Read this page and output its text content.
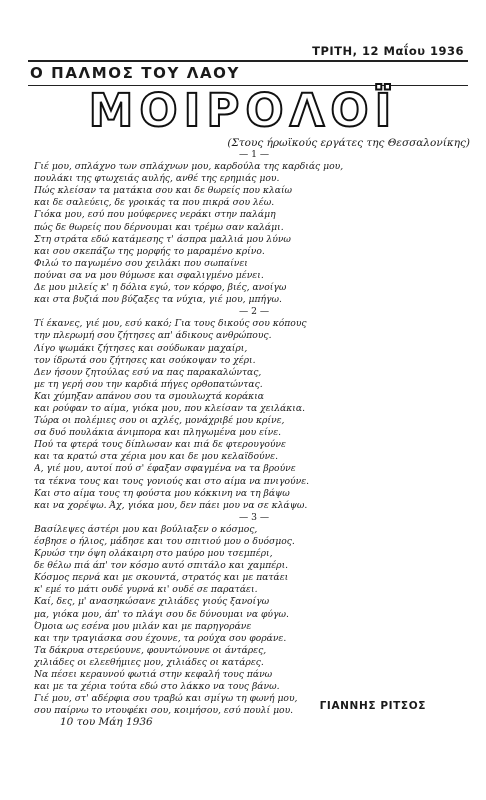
ΤΡΙΤΗ, 12 Μαΐου 1936
Ο ΠΑΛΜΟΣ ΤΟΥ ΛΑΟΥ
ΜΟΙΡΟΛΟΪ
(Στους ήρωϊκούς εργάτες της Θεσσαλονίκης)
— 1 —
Γιέ μου, σπλάχνο των σπλάχνων μου, καρδούλα της καρδιάς μου,
πουλάκι της φτωχειάς αυλής, ανθέ της ερημιάς μου.
Πώς κλείσαν τα ματάκια σου και δε θωρείς που κλαίω
και δε σαλεύεις, δε γροικάς τα που πικρά σου λέω.
Γιόκα μου, εσύ που μούφερνες νεράκι στην παλάμη
πώς δε θωρείς που δέρνουμαι και τρέμω σαν καλάμι.
Στη στράτα εδώ κατάμεσης τ' άσπρα μαλλιά μου λύνω
και σου σκεπάζω της μορφής το μαραμένο κρίνο.
Φιλώ το παγωμένο σου χειλάκι που σωπαίνει
πούναι σα να μου θύμωσε και σφαλιγμένο μένει.
Δε μου μιλείς κ' η δόλια εγώ, τον κόρφο, βιές, ανοίγω
και στα βυζιά που βύζαξες τα νύχια, γιέ μου, μπήγω.
— 2 —
Τί έκανες, γιέ μου, εσύ κακό; Για τους δικούς σου κόπους
την πλερωμή σου ζήτησες απ' άδικους ανθρώπους.
Λίγο ψωμάκι ζήτησες και σούδωκαν μαχαίρι,
τον ίδρωτά σου ζήτησες και σούκοψαν το χέρι.
Δεν ήσουν ζητούλας εσύ να πας παρακαλώντας,
με τη γερή σου την καρδιά πήγες ορθοπατώντας.
Και χύμηξαν απάνου σου τα σμουλωχτά κοράκια
και ρούφαν το αίμα, γιόκα μου, που κλείσαν τα χειλάκια.
Τώρα οι πολέμιες σου οι αχλές, μονάχριβέ μου κρίνε,
σα δυό πουλάκια άνιμπορα και πληγωμένα μου είνε.
Πού τα φτερά τους δίπλωσαν και πιά δε φτερουγούνε
και τα κρατώ στα χέρια μου και δε μου κελαϊδούνε.
Α, γιέ μου, αυτοί πού σ' έφαξαν σφαγμένα να τα βρούνε
τα τέκνα τους και τους γονιούς και στο αίμα να πνιγούνε.
Και στο αίμα τους τη φούστα μου κόκκινη να τη βάψω
και να χορέψω. Άχ, γιόκα μου, δεν πάει μου να σε κλάψω.
— 3 —
Βασίλεψες άστέρι μου και βούλιαξεν ο κόσμος,
έσβησε ο ήλιος, μάδησε και του σπιτιού μου ο δυόσμος.
Κρυώσ την όψη ολάκαιρη στο μαύρο μου τσεμπέρι,
δε θέλω πιά άπ' τον κόσμο αυτό σπιτάλο και χαμπέρι.
Κόσμος περνά και με σκουντά, στρατός και με πατάει
κ' εμέ το μάτι ουδέ γυρνά κι' ουδέ σε παρατάει.
Καί, δες, μ' ανασηκώσανε χιλιάδες γιούς ξανοίγω
μα, γιόκα μου, άπ' το πλάγι σου δε δύνουμαι να φύγω.
Όμοια ως εσένα μου μιλάν και με παρηγοράνε
και την τραγιάσκα σου έχουνε, τα ρούχα σου φοράνε.
Τα δάκρυα στερεύουνε, φουντώνουνε οι άντάρες,
χιλιάδες οι ελεεθήμιες μου, χιλιάδες οι κατάρες.
Να πέσει κεραυνού φωτιά στην κεφαλή τους πάνω
και με τα χέρια τούτα εδώ στο λάκκο να τους βάνω.
Γιέ μου, στ' αδέρφια σου τραβώ και σμίγω τη φωνή μου,
σου παίρνω το ντουφέκι σου, κοιμήσου, εσύ πουλί μου.	ΓΙΑΝΝΗΣ ΡΙΤΣΟΣ
10 του Μάη 1936
